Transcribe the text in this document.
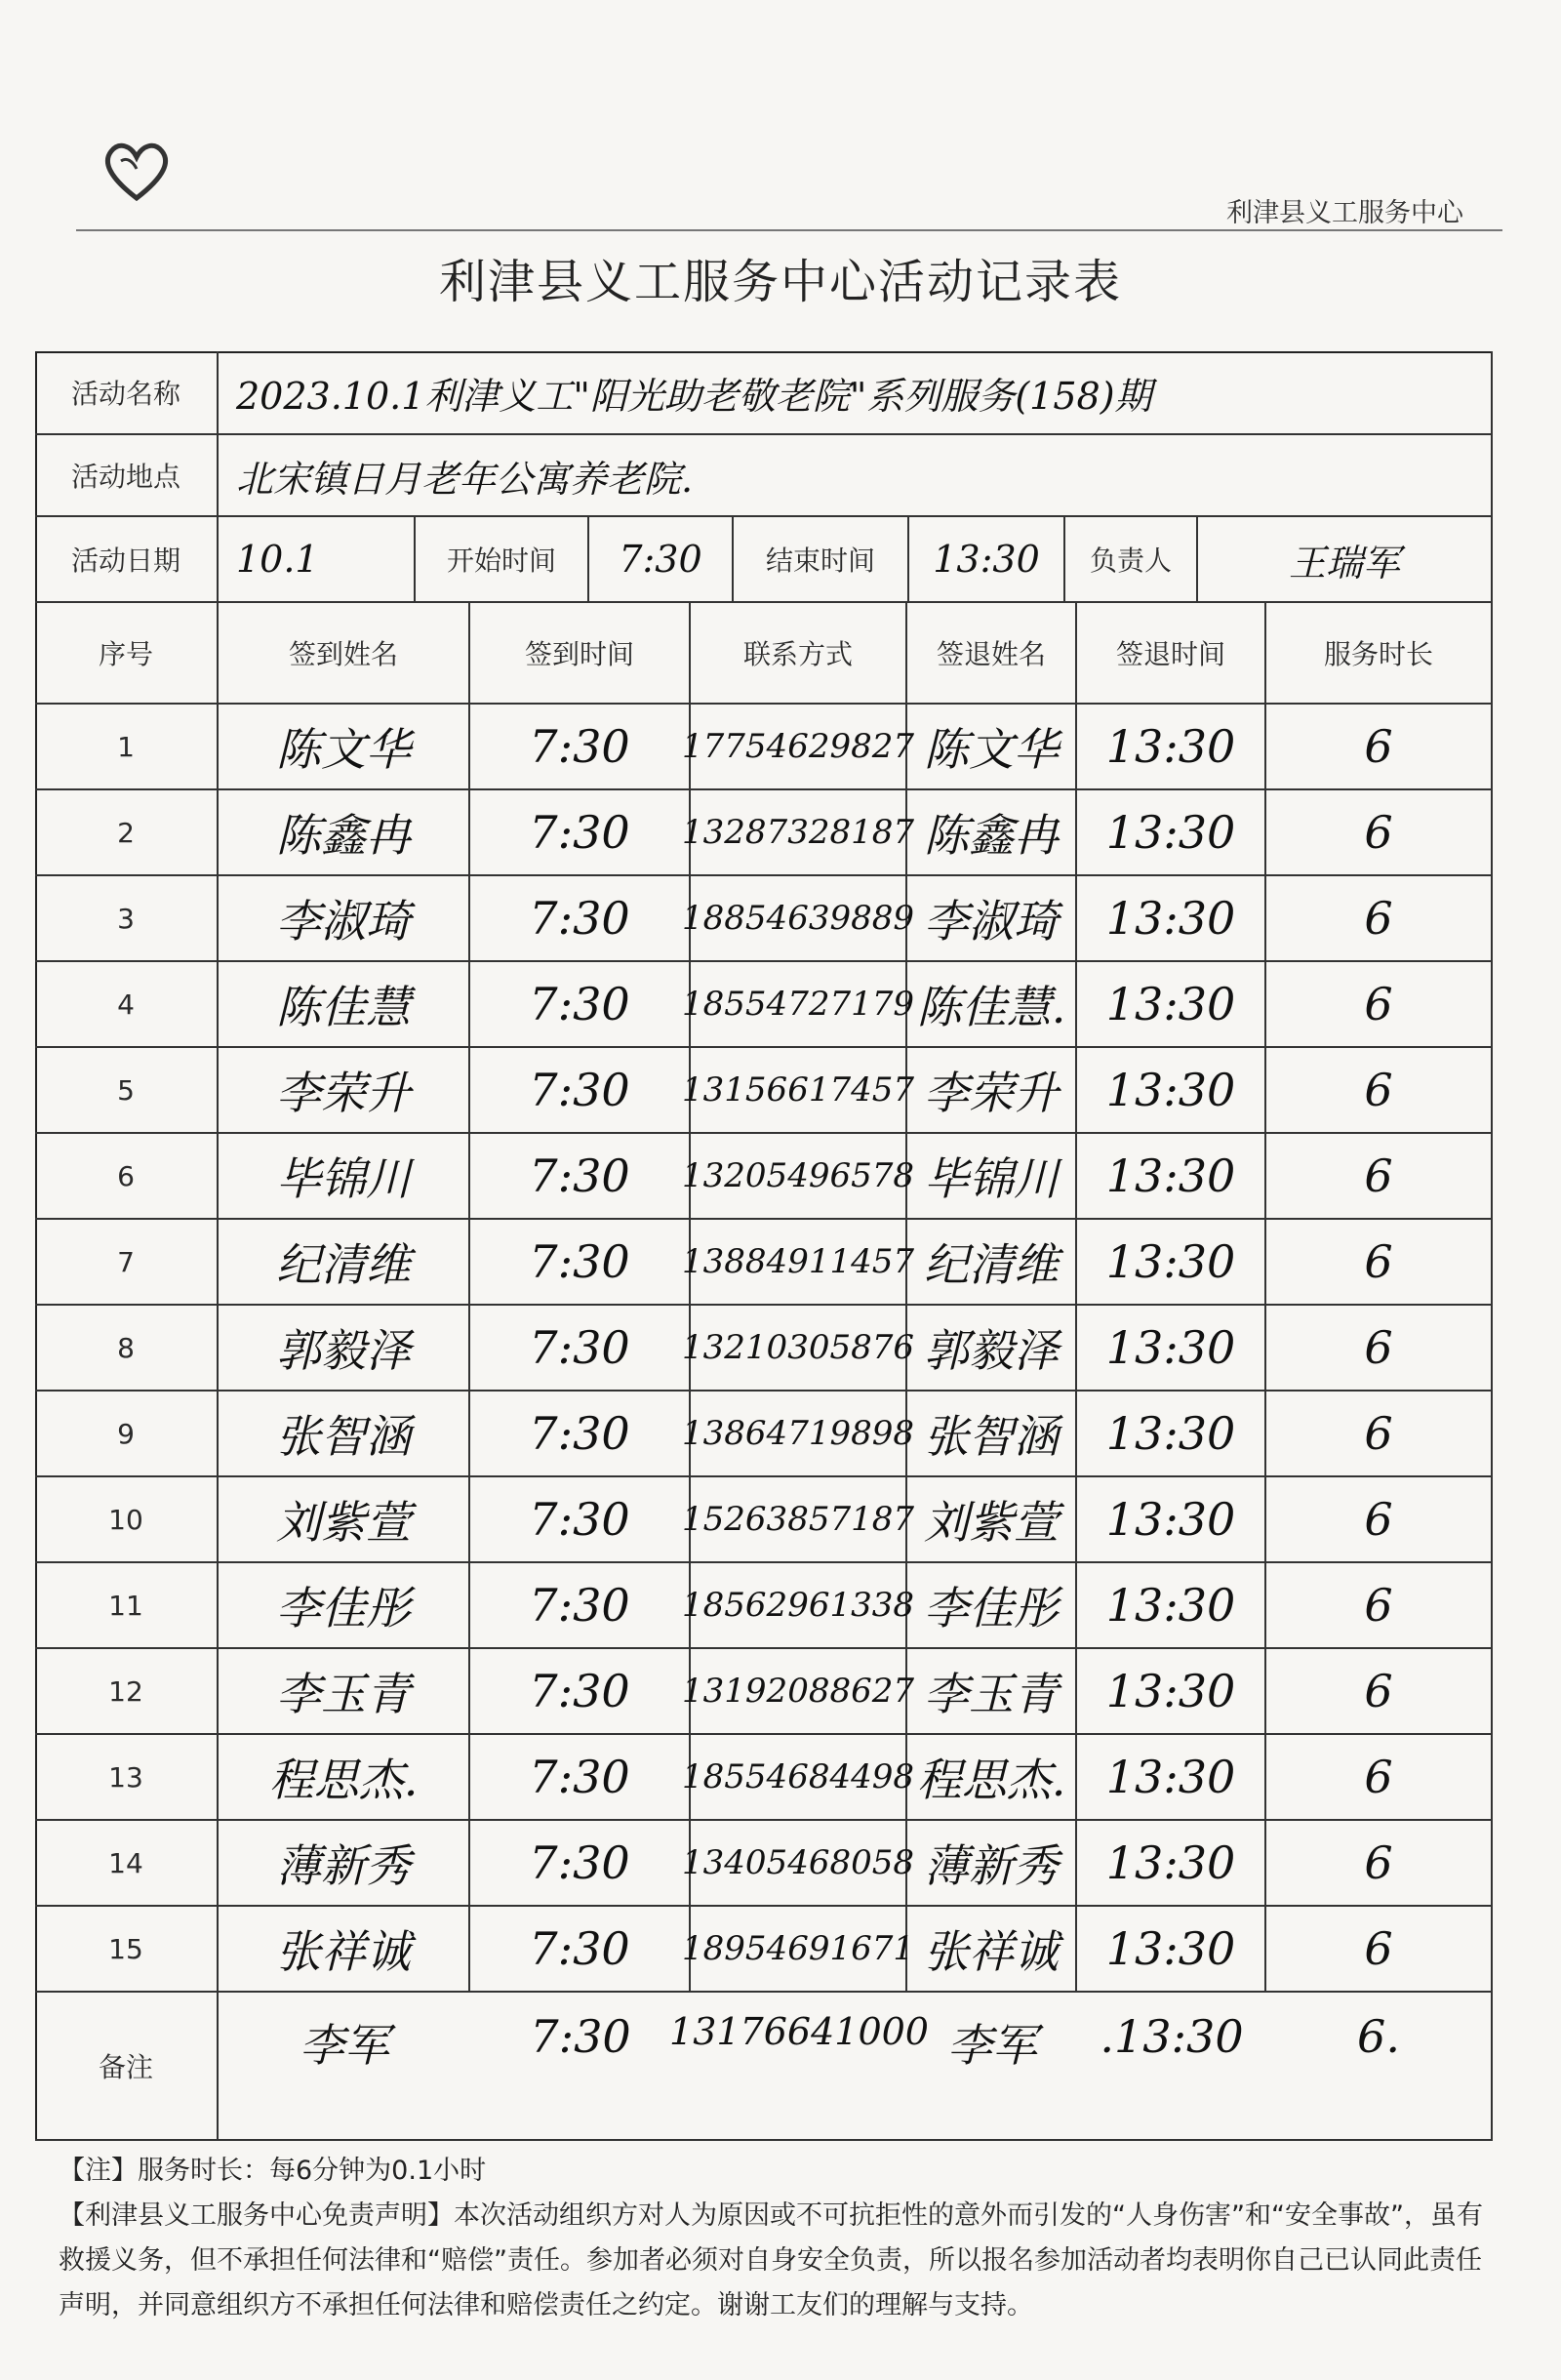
利津县义工服务中心
利津县义工服务中心活动记录表
活动名称	2023.10.1利津义工"阳光助老敬老院"系列服务(158)期
活动地点	北宋镇日月老年公寓养老院.
活动日期	10.1	开始时间	7:30	结束时间	13:30	负责人	王瑞军
序号	签到姓名	签到时间	联系方式	签退姓名	签退时间	服务时长
1	陈文华	7:30	17754629827 陈文华	13:30	6
2	陈鑫冉	7:30	13287328187 陈鑫冉	13:30	6
3	李淑琦	7:30	18854639889 李淑琦	13:30	6
4	陈佳慧	7:30	18554727179 陈佳慧. 13:30	6
5	李荣升	7:30	13156617457 李荣升	13:30	6
6	毕锦川	7:30	13205496578 毕锦川	13:30	6
7	纪清维	7:30	13884911457 纪清维	13:30	6
8	郭毅泽	7:30	13210305876 郭毅泽	13:30	6
9	张智涵	7:30	13864719898 张智涵	13:30	6
10	刘紫萱	7:30	15263857187 刘紫萱	13:30	6
11	李佳彤	7:30	18562961338 李佳彤	13:30	6
12	李玉青	7:30	13192088627 李玉青	13:30	6
13	程思杰.	7:30	18554684498 程思杰. 13:30	6
14	薄新秀	7:30	13405468058 薄新秀	13:30	6
15	张祥诚	7:30	18954691671 张祥诚	13:30	6
备注	李军	7:30	13176641000 李军	.13:30	6.

【注】服务时长：每6分钟为0.1小时

【利津县义工服务中心免责声明】本次活动组织方对人为原因或不可抗拒性的意外而引发的“人身伤害”和“安全事故”，虽有救援义务，但不承担任何法律和“赔偿”责任。参加者必须对自身安全负责，所以报名参加活动者均表明你自己已认同此责任声明，并同意组织方不承担任何法律和赔偿责任之约定。谢谢工友们的理解与支持。
